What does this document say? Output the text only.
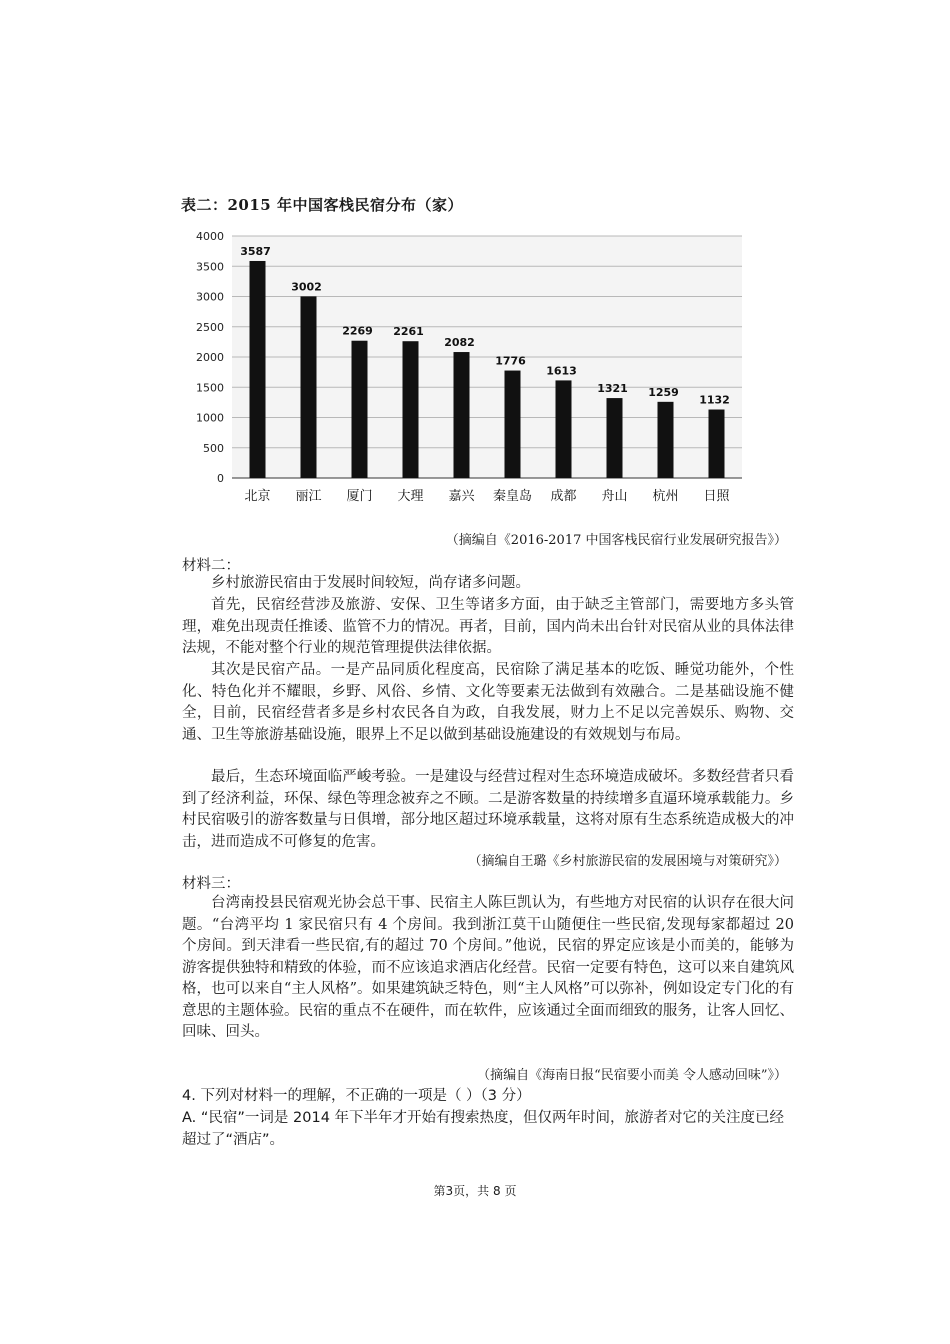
表二：2015 年中国客栈民宿分布（家）
0
500
1000
1500
2000
2500
3000
3500
4000
3587
北京
3002
丽江
2269
厦门
2261
大理
2082
嘉兴
1776
秦皇岛
1613
成都
1321
舟山
1259
杭州
1132
日照
（摘编自《2016-2017 中国客栈民宿行业发展研究报告》）
材料二：

乡村旅游民宿由于发展时间较短，尚存诸多问题。

首先，民宿经营涉及旅游、安保、卫生等诸多方面，由于缺乏主管部门，需要地方多头管理，难免出现责任推诿、监管不力的情况。再者，目前，国内尚未出台针对民宿从业的具体法律法规，不能对整个行业的规范管理提供法律依据。

其次是民宿产品。一是产品同质化程度高，民宿除了满足基本的吃饭、睡觉功能外，个性化、特色化并不耀眼，乡野、风俗、乡情、文化等要素无法做到有效融合。二是基础设施不健全，目前，民宿经营者多是乡村农民各自为政，自我发展，财力上不足以完善娱乐、购物、交通、卫生等旅游基础设施，眼界上不足以做到基础设施建设的有效规划与布局。

最后，生态环境面临严峻考验。一是建设与经营过程对生态环境造成破坏。多数经营者只看到了经济利益，环保、绿色等理念被弃之不顾。二是游客数量的持续增多直逼环境承载能力。乡村民宿吸引的游客数量与日俱增，部分地区超过环境承载量，这将对原有生态系统造成极大的冲击，进而造成不可修复的危害。

（摘编自王璐《乡村旅游民宿的发展困境与对策研究》）
材料三：

台湾南投县民宿观光协会总干事、民宿主人陈巨凯认为，有些地方对民宿的认识存在很大问题。“台湾平均 1 家民宿只有 4 个房间。我到浙江莫干山随便住一些民宿,发现每家都超过 20 个房间。到天津看一些民宿,有的超过 70 个房间。”他说，民宿的界定应该是小而美的，能够为游客提供独特和精致的体验，而不应该追求酒店化经营。民宿一定要有特色，这可以来自建筑风格，也可以来自“主人风格”。如果建筑缺乏特色，则“主人风格”可以弥补，例如设定专门化的有意思的主题体验。民宿的重点不在硬件，而在软件，应该通过全面而细致的服务，让客人回忆、回味、回头。

（摘编自《海南日报“民宿要小而美 令人感动回味”》）

4. 下列对材料一的理解，不正确的一项是（ ）（3 分）

A. “民宿”一词是 2014 年下半年才开始有搜索热度，但仅两年时间，旅游者对它的关注度已经超过了“酒店”。

第3页，共 8 页
